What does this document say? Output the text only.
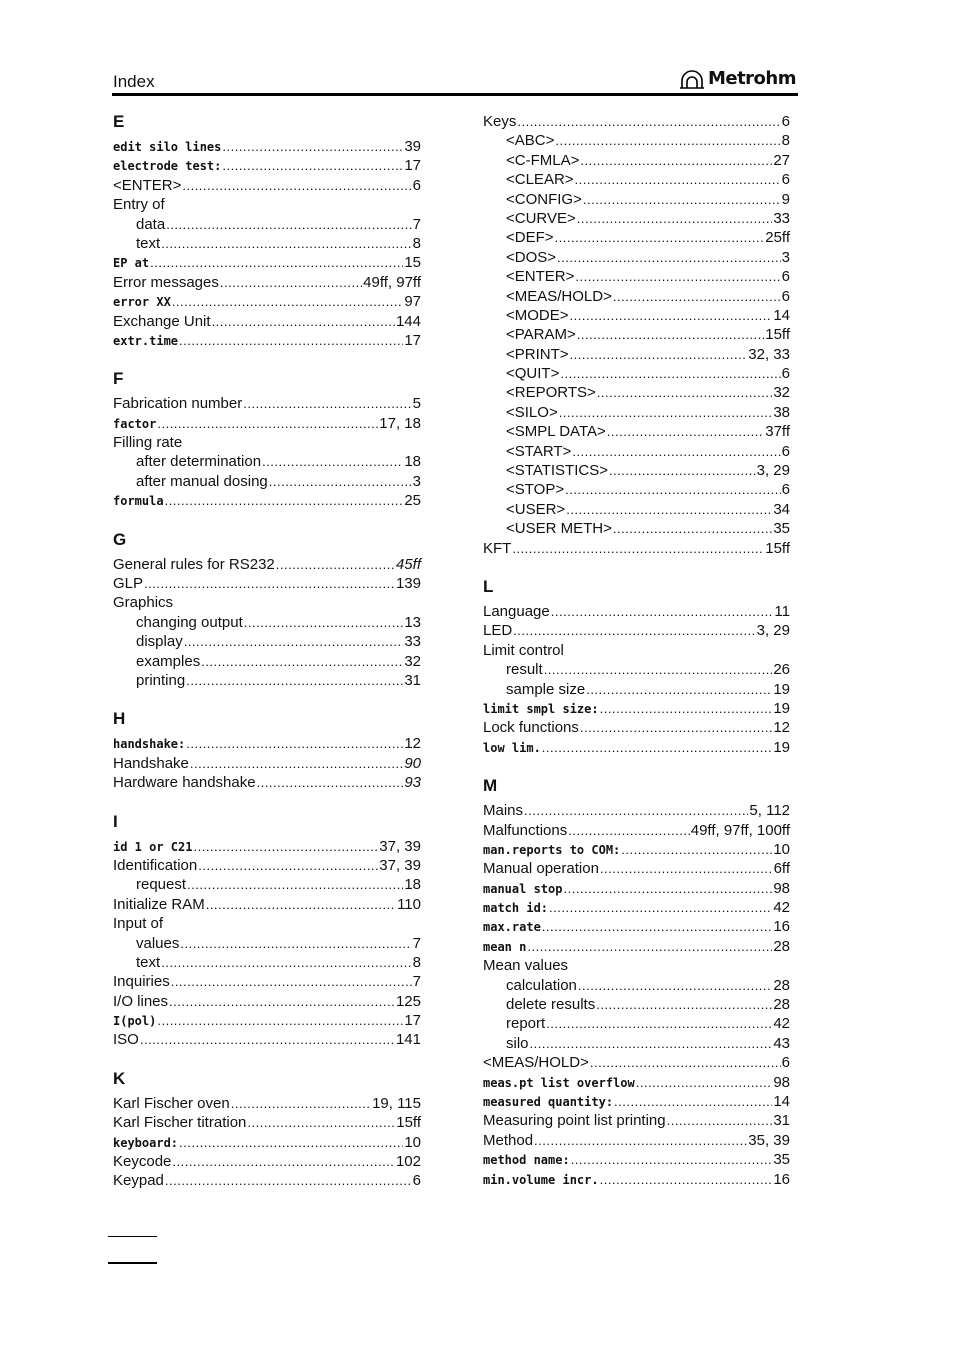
Index	Metrohm
E
edit silo lines .....	39
electrode test: .....	17
<ENTER> .....	6
Entry of
data .....	7
text .....	8
EP at .....	15
Error messages .....	49ff, 97ff
error XX .....	97
Exchange Unit .....	144
extr.time .....	17
F
Fabrication number .....	5
factor .....	17, 18
Filling rate
after determination .....	18
after manual dosing .....	3
formula .....	25
G
General rules for RS232 .....	45ff
GLP .....	139
Graphics
changing output .....	13
display .....	33
examples .....	32
printing .....	31
H
handshake: .....	12
Handshake .....	90
Hardware handshake .....	93
I
id 1 or C21 .....	37, 39
Identification .....	37, 39
request .....	18
Initialize RAM .....	110
Input of
values .....	7
text .....	8
Inquiries .....	7
I/O lines .....	125
I(pol) .....	17
ISO .....	141
K
Karl Fischer oven .....	19, 115
Karl Fischer titration .....	15ff
keyboard: .....	10
Keycode .....	102
Keypad .....	6
Keys .....	6
<ABC> .....	8
<C-FMLA> .....	27
<CLEAR> .....	6
<CONFIG> .....	9
<CURVE> .....	33
<DEF> .....	25ff
<DOS> .....	3
<ENTER> .....	6
<MEAS/HOLD> .....	6
<MODE> .....	14
<PARAM> .....	15ff
<PRINT> .....	32, 33
<QUIT> .....	6
<REPORTS> .....	32
<SILO> .....	38
<SMPL DATA> .....	37ff
<START> .....	6
<STATISTICS> .....	3, 29
<STOP> .....	6
<USER> .....	34
<USER METH> .....	35
KFT .....	15ff
L
Language .....	11
LED .....	3, 29
Limit control
result .....	26
sample size .....	19
limit smpl size: .....	19
Lock functions .....	12
low lim. .....	19
M
Mains .....	5, 112
Malfunctions .....	49ff, 97ff, 100ff
man.reports to COM: .....	10
Manual operation .....	6ff
manual stop .....	98
match id: .....	42
max.rate .....	16
mean n .....	28
Mean values
calculation .....	28
delete results .....	28
report .....	42
silo .....	43
<MEAS/HOLD> .....	6
meas.pt list overflow .....	98
measured quantity: .....	14
Measuring point list printing .....	31
Method .....	35, 39
method name: .....	35
min.volume incr. .....	16
